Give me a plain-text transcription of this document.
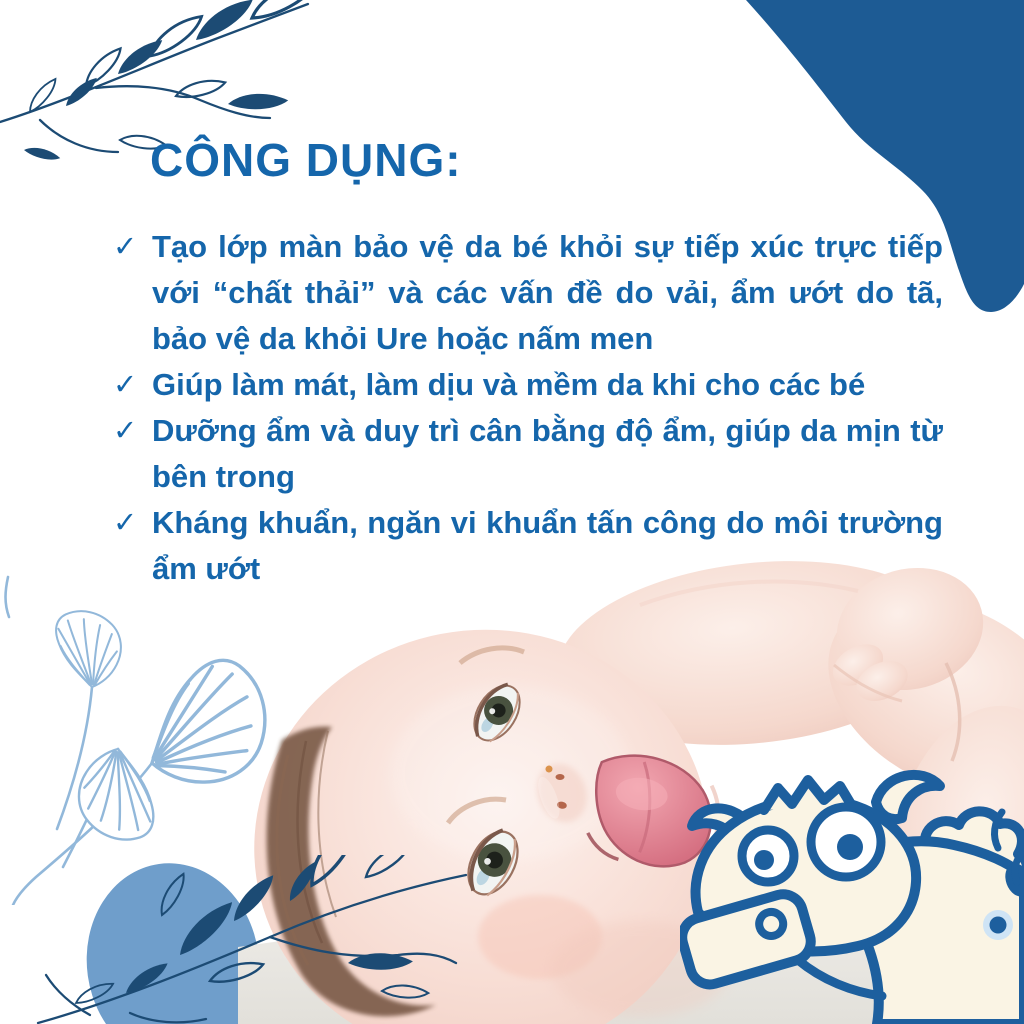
CÔNG DỤNG:
✓ Tạo lớp màn bảo vệ da bé khỏi sự tiếp xúc trực tiếp với “chất thải” và các vấn đề do vải, ẩm ướt do tã, bảo vệ da khỏi Ure hoặc nấm men
✓ Giúp làm mát, làm dịu và mềm da khi cho các bé
✓ Dưỡng ẩm và duy trì cân bằng độ ẩm, giúp da mịn từ bên trong
✓ Kháng khuẩn, ngăn vi khuẩn tấn công do môi trường ẩm ướt
